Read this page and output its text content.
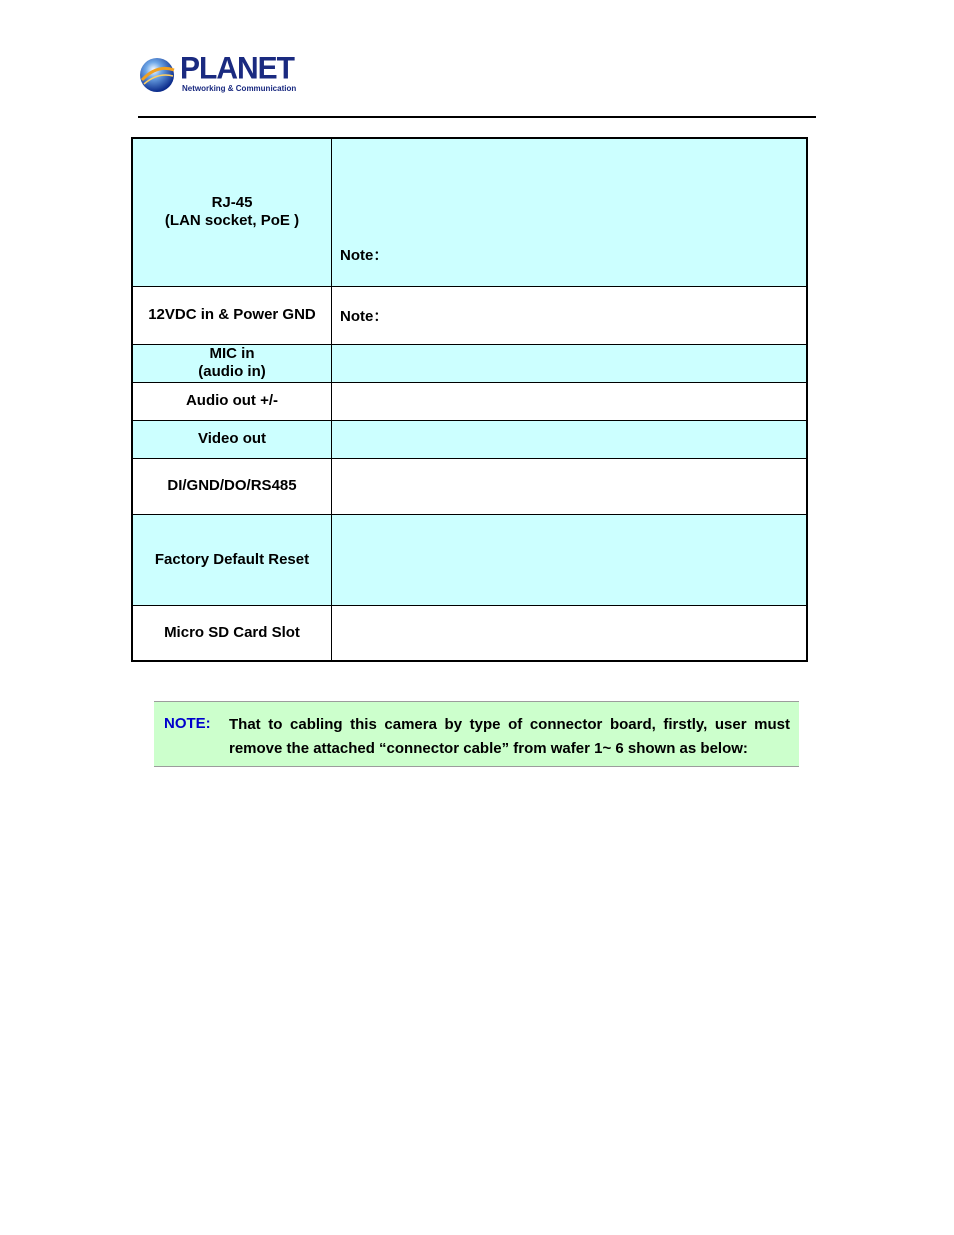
PLANET
Networking & Communication
RJ-45
(LAN socket, PoE )	Note：
12VDC in & Power GND	Note：
MIC in
(audio in)	
Audio out +/-	
Video out	
DI/GND/DO/RS485	
Factory Default Reset	
Micro SD Card Slot	
NOTE: That to cabling this camera by type of connector board, firstly, user must remove the attached “connector cable” from wafer 1~ 6 shown as below:
